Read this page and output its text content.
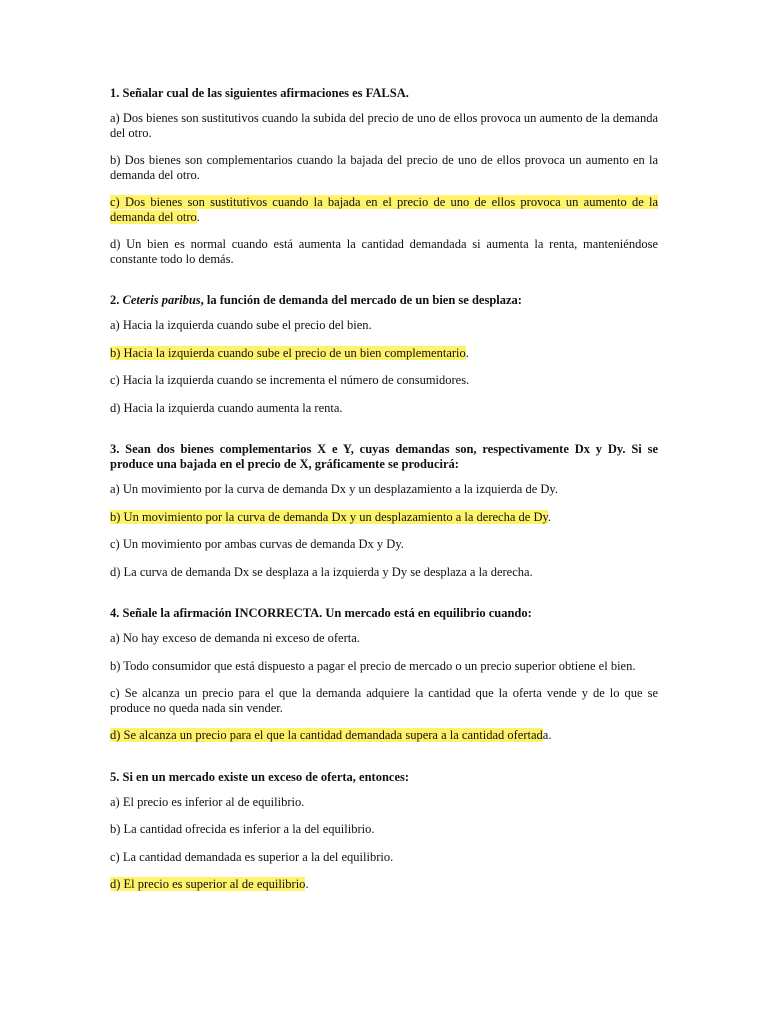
1. Señalar cual de las siguientes afirmaciones es FALSA.

a) Dos bienes son sustitutivos cuando la subida del precio de uno de ellos provoca un aumento de la demanda del otro.

b) Dos bienes son complementarios cuando la bajada del precio de uno de ellos provoca un aumento en la demanda del otro.

c) Dos bienes son sustitutivos cuando la bajada en el precio de uno de ellos provoca un aumento de la demanda del otro.

d) Un bien es normal cuando está aumenta la cantidad demandada si aumenta la renta, manteniéndose constante todo lo demás.

2. Ceteris paribus, la función de demanda del mercado de un bien se desplaza:

a) Hacia la izquierda cuando sube el precio del bien.

b) Hacia la izquierda cuando sube el precio de un bien complementario.

c) Hacia la izquierda cuando se incrementa el número de consumidores.

d) Hacia la izquierda cuando aumenta la renta.

3. Sean dos bienes complementarios X e Y, cuyas demandas son, respectivamente Dx y Dy. Si se produce una bajada en el precio de X, gráficamente se producirá:

a) Un movimiento por la curva de demanda Dx y un desplazamiento a la izquierda de Dy.

b) Un movimiento por la curva de demanda Dx y un desplazamiento a la derecha de Dy.

c) Un movimiento por ambas curvas de demanda Dx y Dy.

d) La curva de demanda Dx se desplaza a la izquierda y Dy se desplaza a la derecha.

4. Señale la afirmación INCORRECTA. Un mercado está en equilibrio cuando:

a) No hay exceso de demanda ni exceso de oferta.

b) Todo consumidor que está dispuesto a pagar el precio de mercado o un precio superior obtiene el bien.

c) Se alcanza un precio para el que la demanda adquiere la cantidad que la oferta vende y de lo que se produce no queda nada sin vender.

d) Se alcanza un precio para el que la cantidad demandada supera a la cantidad ofertada.

5. Si en un mercado existe un exceso de oferta, entonces:

a) El precio es inferior al de equilibrio.

b) La cantidad ofrecida es inferior a la del equilibrio.

c) La cantidad demandada es superior a la del equilibrio.

d) El precio es superior al de equilibrio.
